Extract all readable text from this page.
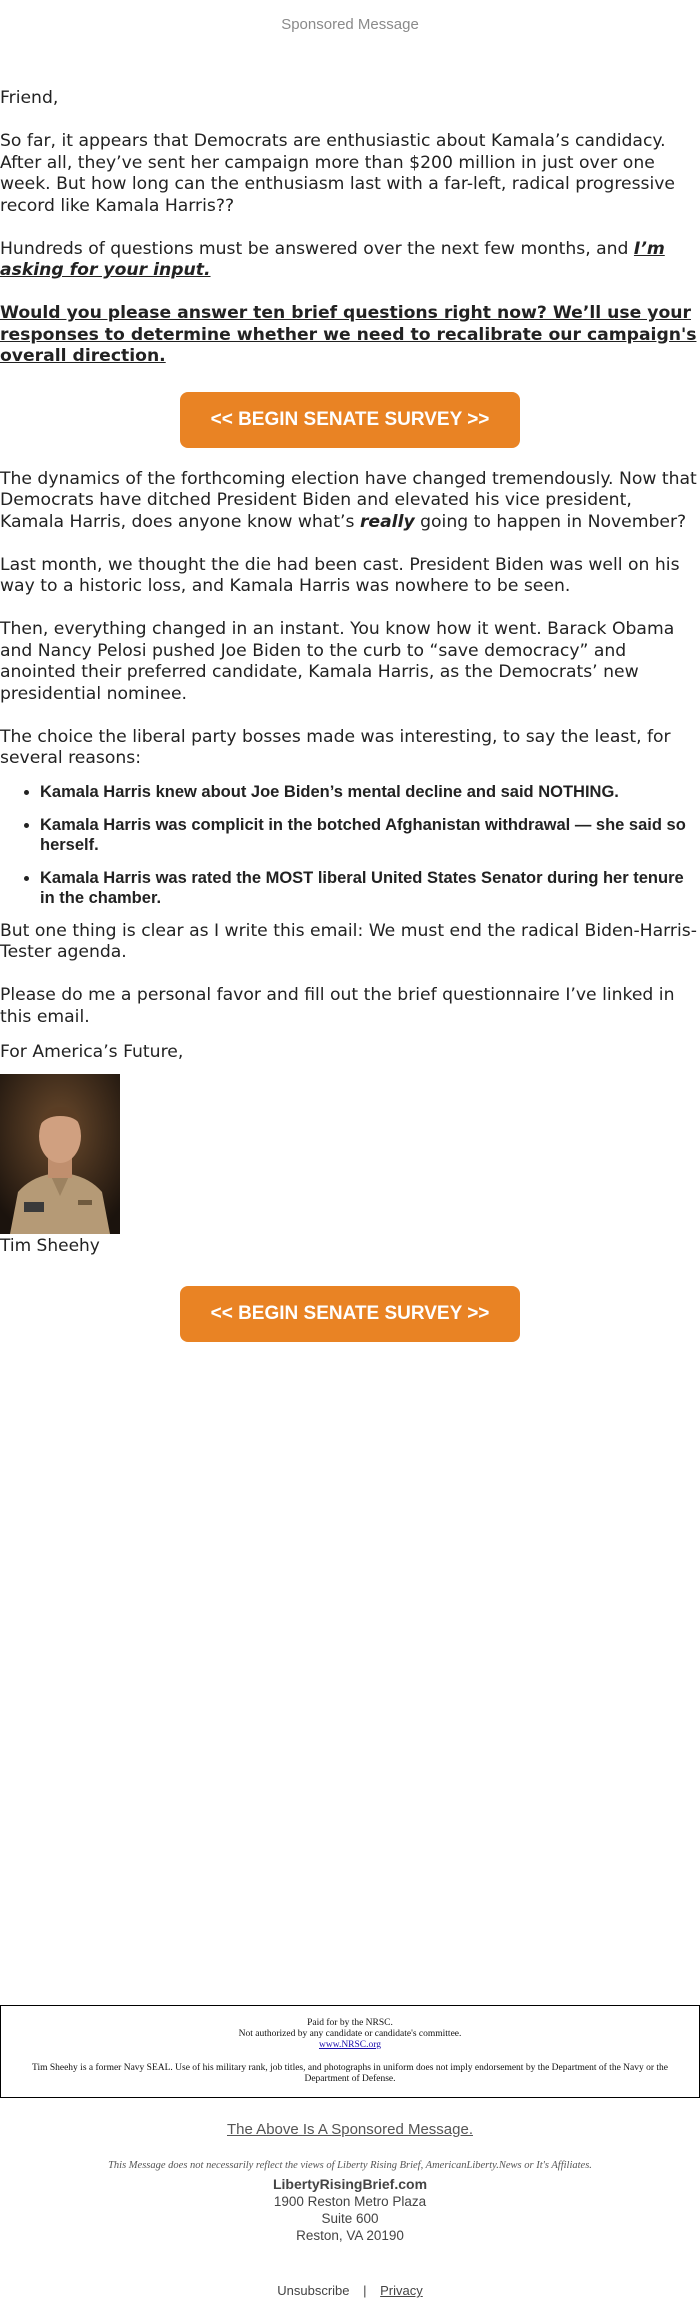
Sponsored Message

Friend,

So far, it appears that Democrats are enthusiastic about Kamala’s candidacy. After all, they’ve sent her campaign more than $200 million in just over one week. But how long can the enthusiasm last with a far-left, radical progressive record like Kamala Harris??

Hundreds of questions must be answered over the next few months, and I’m asking for your input.

Would you please answer ten brief questions right now? We’ll use your responses to determine whether we need to recalibrate our campaign's overall direction.

<< BEGIN SENATE SURVEY >>

The dynamics of the forthcoming election have changed tremendously. Now that Democrats have ditched President Biden and elevated his vice president, Kamala Harris, does anyone know what’s really going to happen in November?

Last month, we thought the die had been cast. President Biden was well on his way to a historic loss, and Kamala Harris was nowhere to be seen.

Then, everything changed in an instant. You know how it went. Barack Obama and Nancy Pelosi pushed Joe Biden to the curb to “save democracy” and anointed their preferred candidate, Kamala Harris, as the Democrats’ new presidential nominee.

The choice the liberal party bosses made was interesting, to say the least, for several reasons:

• Kamala Harris knew about Joe Biden’s mental decline and said NOTHING.
• Kamala Harris was complicit in the botched Afghanistan withdrawal — she said so herself.
• Kamala Harris was rated the MOST liberal United States Senator during her tenure in the chamber.

But one thing is clear as I write this email: We must end the radical Biden-Harris-Tester agenda.

Please do me a personal favor and fill out the brief questionnaire I’ve linked in this email.

For America’s Future,

Tim Sheehy
<< BEGIN SENATE SURVEY >>
Paid for by the NRSC.
Not authorized by any candidate or candidate's committee.
www.NRSC.org
Tim Sheehy is a former Navy SEAL. Use of his military rank, job titles, and photographs in uniform does not imply endorsement by the Department of the Navy or the Department of Defense.
The Above Is A Sponsored Message.
This Message does not necessarily reflect the views of Liberty Rising Brief, AmericanLiberty.News or It's Affiliates.
LibertyRisingBrief.com
1900 Reston Metro Plaza
Suite 600
Reston, VA 20190
Unsubscribe | Privacy
